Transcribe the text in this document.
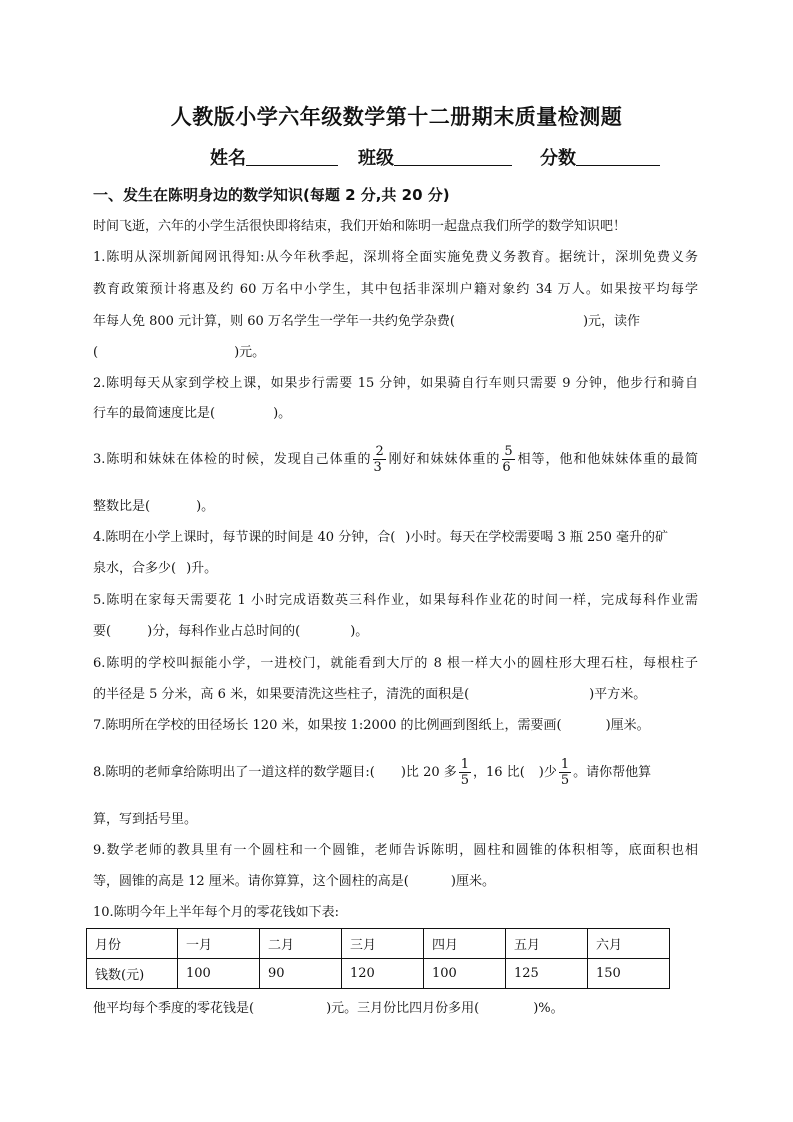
人教版小学六年级数学第十二册期末质量检测题
姓名	班级	分数
一、发生在陈明身边的数学知识(每题 2 分,共 20 分)
时间飞逝，六年的小学生活很快即将结束，我们开始和陈明一起盘点我们所学的数学知识吧！
1.陈明从深圳新闻网讯得知:从今年秋季起，深圳将全面实施免费义务教育。据统计，深圳免费义务
教育政策预计将惠及约 60 万名中小学生，其中包括非深圳户籍对象约 34 万人。如果按平均每学
年每人免 800 元计算，则 60 万名学生一学年一共约免学杂费(	)元，读作
(	)元。
2.陈明每天从家到学校上课，如果步行需要 15 分钟，如果骑自行车则只需要 9 分钟，他步行和骑自
行车的最简速度比是(	)。
3.陈明和妹妹在体检的时候，发现自己体重的 $\frac{2}{3}$ 刚好和妹妹体重的 $\frac{5}{6}$ 相等，他和他妹妹体重的最简
整数比是(	)。
4.陈明在小学上课时，每节课的时间是 40 分钟，合( )小时。每天在学校需要喝 3 瓶 250 毫升的矿
泉水，合多少( )升。
5.陈明在家每天需要花 1 小时完成语数英三科作业，如果每科作业花的时间一样，完成每科作业需
要(	)分，每科作业占总时间的(	)。
6.陈明的学校叫振能小学，一进校门，就能看到大厅的 8 根一样大小的圆柱形大理石柱，每根柱子
的半径是 5 分米，高 6 米，如果要清洗这些柱子，清洗的面积是(	)平方米。
7.陈明所在学校的田径场长 120 米，如果按 1:2000 的比例画到图纸上，需要画(	)厘米。
8.陈明的老师拿给陈明出了一道这样的数学题目:( )比 20 多 $\frac{1}{5}$ ，16 比( )少 $\frac{1}{5}$ 。请你帮他算
算，写到括号里。
9.数学老师的教具里有一个圆柱和一个圆锥，老师告诉陈明，圆柱和圆锥的体积相等，底面积也相
等，圆锥的高是 12 厘米。请你算算，这个圆柱的高是(	)厘米。
10.陈明今年上半年每个月的零花钱如下表:
月份	一月	二月	三月	四月	五月	六月
钱数(元)	100	90	120	100	125	150
他平均每个季度的零花钱是(	)元。三月份比四月份多用(	)%。
